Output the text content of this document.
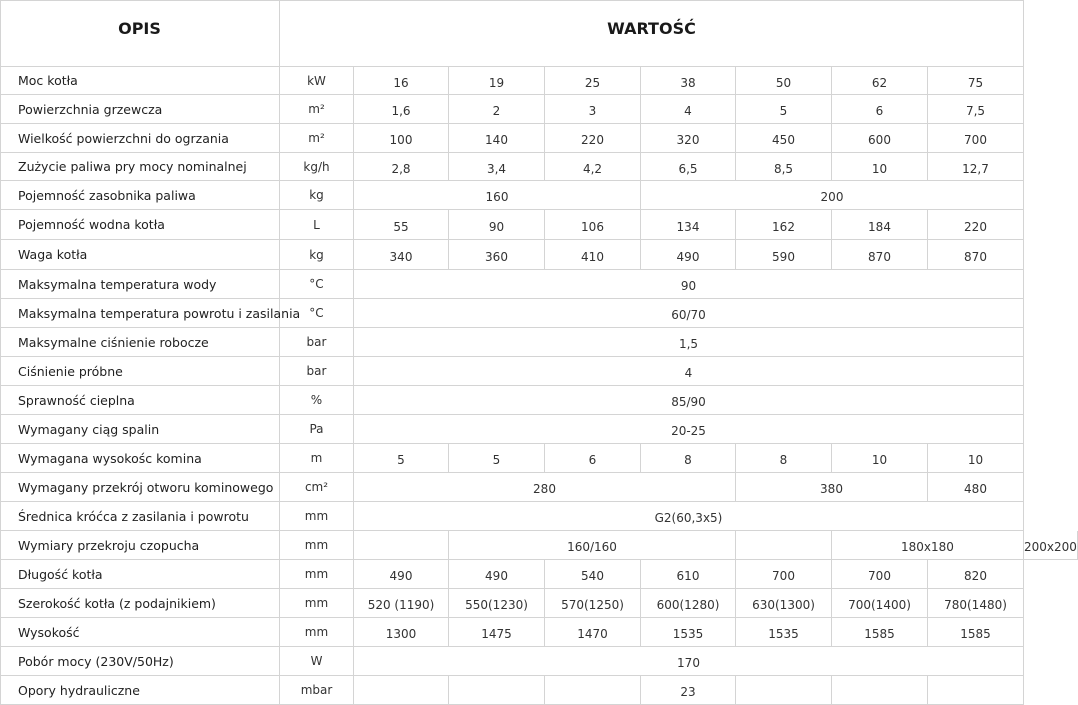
OPIS	WARTOŚĆ
Moc kotła	kW	16	19	25	38	50	62	75
Powierzchnia grzewcza	m²	1,6	2	3	4	5	6	7,5
Wielkość powierzchni do ogrzania	m²	100	140	220	320	450	600	700
Zużycie paliwa pry mocy nominalnej	kg/h	2,8	3,4	4,2	6,5	8,5	10	12,7
Pojemność zasobnika paliwa	kg	160	200
Pojemność wodna kotła	L	55	90	106	134	162	184	220
Waga kotła	kg	340	360	410	490	590	870	870
Maksymalna temperatura wody	°C	90
Maksymalna temperatura powrotu i zasilania °C	60/70
Maksymalne ciśnienie robocze	bar	1,5
Ciśnienie próbne	bar	4
Sprawność cieplna	%	85/90
Wymagany ciąg spalin	Pa	20-25
Wymagana wysokośc komina	m	5	5	6	8	8	10	10
Wymagany przekrój otworu kominowego	cm²	280	380	480
Średnica króćca z zasilania i powrotu	mm	G2(60,3x5)
Wymiary przekroju czopucha	mm	160/160	180x180	200x200
Długość kotła	mm	490	490	540	610	700	700	820
Szerokość kotła (z podajnikiem)	mm	520 (1190)	550(1230)	570(1250)	600(1280)	630(1300)	700(1400)	780(1480)
Wysokość	mm	1300	1475	1470	1535	1535	1585	1585
Pobór mocy (230V/50Hz)	W	170
Opory hydrauliczne	mbar	23
